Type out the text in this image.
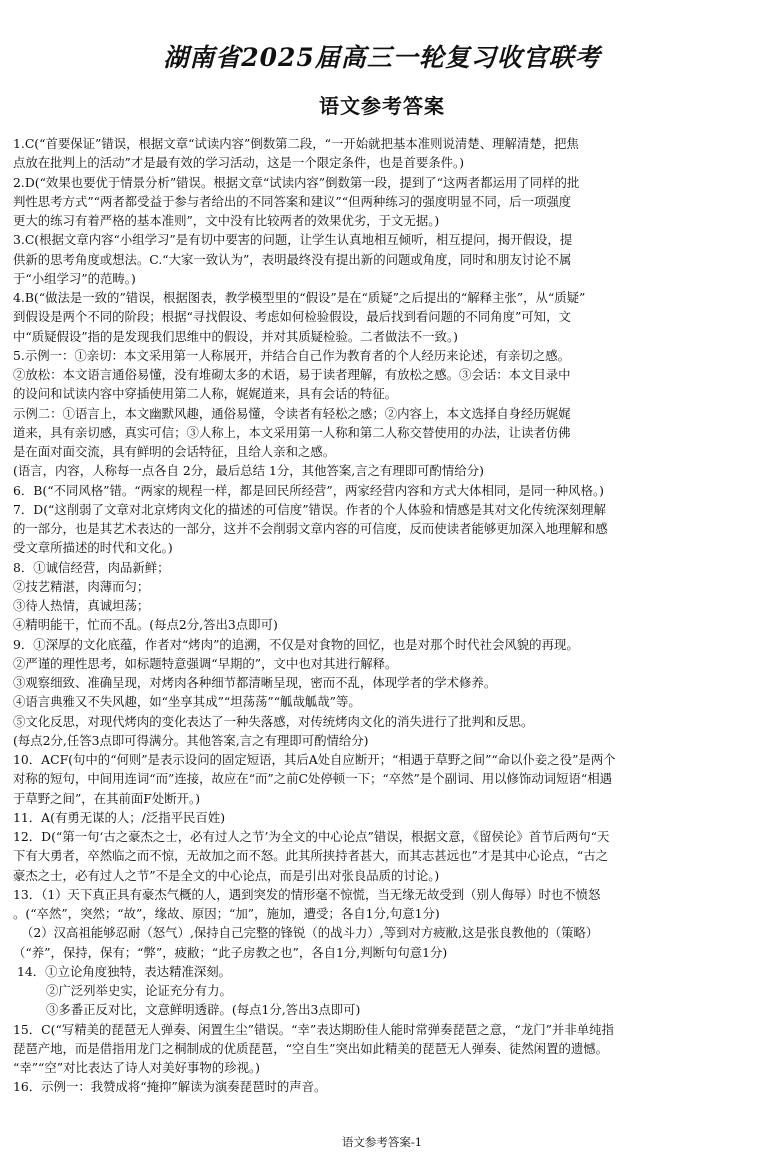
湖南省2025届高三一轮复习收官联考
语文参考答案
1.C(“首要保证”错误，根据文章“试读内容”倒数第二段，“一开始就把基本准则说清楚、理解清楚，把焦
点放在批判上的活动”才是最有效的学习活动，这是一个限定条件，也是首要条件。)
2.D(“效果也要优于情景分析”错误。根据文章“试读内容”倒数第一段，提到了“这两者都运用了同样的批
判性思考方式”“两者都受益于参与者给出的不同答案和建议”“但两种练习的强度明显不同，后一项强度
更大的练习有着严格的基本准则”，文中没有比较两者的效果优劣，于文无据。)
3.C(根据文章内容“小组学习”是有切中要害的问题，让学生认真地相互倾听，相互提问，揭开假设，提
供新的思考角度或想法。C.“大家一致认为”，表明最终没有提出新的问题或角度，同时和朋友讨论不属
于“小组学习”的范畴。)
4.B(“做法是一致的”错误，根据图表，教学模型里的“假设”是在“质疑”之后提出的“解释主张”，从“质疑”
到假设是两个不同的阶段；根据“寻找假设、考虑如何检验假设，最后找到看问题的不同角度”可知，文
中“质疑假设”指的是发现我们思维中的假设，并对其质疑检验。二者做法不一致。)
5.示例一：①亲切：本文采用第一人称展开，并结合自己作为教育者的个人经历来论述，有亲切之感。
②放松：本文语言通俗易懂，没有堆砌太多的术语，易于读者理解，有放松之感。③会话：本文目录中
的设问和试读内容中穿插使用第二人称，娓娓道来，具有会话的特征。
示例二：①语言上，本文幽默风趣，通俗易懂，令读者有轻松之感；②内容上，本文选择自身经历娓娓
道来，具有亲切感，真实可信；③人称上，本文采用第一人称和第二人称交替使用的办法，让读者仿佛
是在面对面交流，具有鲜明的会话特征，且给人亲和之感。
(语言，内容，人称每一点各自 2分，最后总结 1分，其他答案,言之有理即可酌情给分)
6．B(“不同风格”错。“两家的规程一样，都是回民所经营”，两家经营内容和方式大体相同，是同一种风格。)
7．D(“这削弱了文章对北京烤肉文化的描述的可信度”错误。作者的个人体验和情感是其对文化传统深刻理解
的一部分，也是其艺术表达的一部分，这并不会削弱文章内容的可信度，反而使读者能够更加深入地理解和感
受文章所描述的时代和文化。)
8．①诚信经营，肉品新鲜；
②技艺精湛，肉薄而匀；
③待人热情，真诚坦荡；
④精明能干，忙而不乱。(每点2分,答出3点即可)
9．①深厚的文化底蕴，作者对“烤肉”的追溯，不仅是对食物的回忆，也是对那个时代社会风貌的再现。
②严谨的理性思考，如标题特意强调“早期的”，文中也对其进行解释。
③观察细致、准确呈现，对烤肉各种细节都清晰呈现，密而不乱，体现学者的学术修养。
④语言典雅又不失风趣，如“坐享其成”“坦荡荡”“觚哉觚哉”等。
⑤文化反思，对现代烤肉的变化表达了一种失落感，对传统烤肉文化的消失进行了批判和反思。
(每点2分,任答3点即可得满分。其他答案,言之有理即可酌情给分)
10．ACF(句中的“何则”是表示设问的固定短语，其后A处自应断开；“相遇于草野之间”“命以仆妾之役”是两个
对称的短句，中间用连词“而”连接，故应在“而”之前C处停顿一下；“卒然”是个副词、用以修饰动词短语“相遇
于草野之间”，在其前面F处断开。)
11．A(有勇无谋的人；/泛指平民百姓)
12．D(“第一句‘古之豪杰之士，必有过人之节’为全文的中心论点”错误，根据文意，《留侯论》首节后两句“天
下有大勇者，卒然临之而不惊，无故加之而不怒。此其所挟持者甚大，而其志甚远也”才是其中心论点，“古之
豪杰之士，必有过人之节”不是全文的中心论点，而是引出对张良品质的讨论。)
13．（1）天下真正具有豪杰气概的人，遇到突发的情形毫不惊慌，当无缘无故受到（别人侮辱）时也不愤怒
。(“卒然”，突然；“故”，缘故、原因；“加”，施加，遭受；各自1分,句意1分)
（2）汉高祖能够忍耐（怒气）,保持自己完整的锋锐（的战斗力）,等到对方疲敝,这是张良教他的（策略）
（“养”，保持，保有；“弊”，疲敝；“此子房教之也”，各自1分,判断句句意1分)
14．①立论角度独特，表达精准深刻。
②广泛列举史实，论证充分有力。
③多番正反对比，文意鲜明透辟。(每点1分,答出3点即可)
15．C(“写精美的琵琶无人弹奏、闲置生尘”错误。“幸”表达期盼佳人能时常弹奏琵琶之意，“龙门”并非单纯指
琵琶产地，而是借指用龙门之桐制成的优质琵琶，“空自生”突出如此精美的琵琶无人弹奏、徒然闲置的遗憾。
“幸”“空”对比表达了诗人对美好事物的珍视。)
16．示例一：我赞成将“掩抑”解读为演奏琵琶时的声音。
语文参考答案-1
